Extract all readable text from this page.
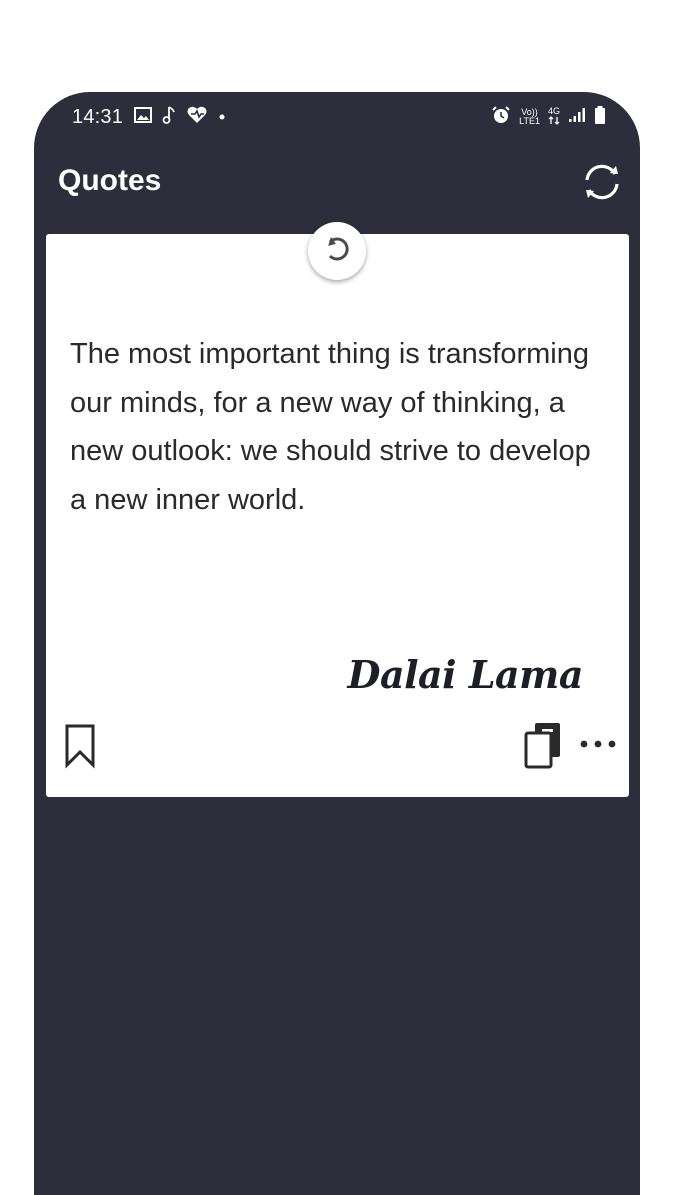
14:31	Vo))
LTE1
4G
Quotes
The most important thing is transforming our minds, for a new way of thinking, a new outlook: we should strive to develop a new inner world.
Dalai Lama
